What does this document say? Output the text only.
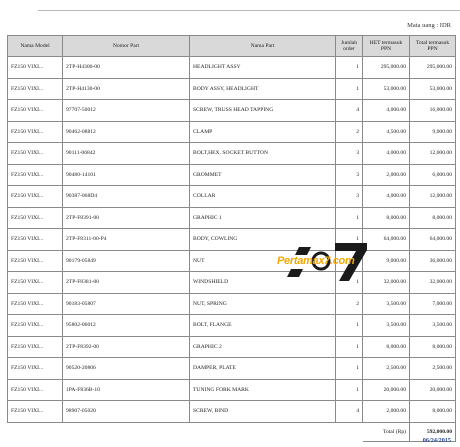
Mata uang : IDR
Nama Model	Nomor Part	Nama Part	Jumlah order	HET termasuk PPN	Total termasuk PPN
FZ150 VIXI...	2TP-H4300-00	HEADLIGHT ASSY	1	295,000.00	295,000.00
FZ150 VIXI...	2TP-H4130-00	BODY ASSY, HEADLIGHT	1	53,000.00	53,000.00
FZ150 VIXI...	97707-50012	SCREW, TRUSS HEAD TAPPING	4	4,000.00	16,000.00
FZ150 VIXI...	90462-08812	CLAMP	2	4,500.00	9,000.00
FZ150 VIXI...	90111-06842	BOLT,HEX. SOCKET BUTTON	3	4,000.00	12,000.00
FZ150 VIXI...	90480-14101	GROMMET	3	2,000.00	6,000.00
FZ150 VIXI...	90387-068D4	COLLAR	3	4,000.00	12,000.00
FZ150 VIXI...	2TP-F8391-00	GRAPHIC 1	1	8,000.00	8,000.00
FZ150 VIXI...	2TP-F8311-00-P4	BODY, COWLING	1	64,000.00	64,000.00
FZ150 VIXI...	90179-05849	NUT		9,000.00	36,000.00
FZ150 VIXI...	2TP-F8381-00	WINDSHIELD	1	32,000.00	32,000.00
FZ150 VIXI...	90183-05807	NUT, SPRING	2	3,500.00	7,000.00
FZ150 VIXI...	95802-06012	BOLT, FLANGE	1	3,500.00	3,500.00
FZ150 VIXI...	2TP-F8392-00	GRAPHIC 2	1	8,000.00	8,000.00
FZ150 VIXI...	90520-20806	DAMPER, PLATE	1	2,500.00	2,500.00
FZ150 VIXI...	1PA-F836B-10	TUNING FORK MARK	1	20,000.00	20,000.00
FZ150 VIXI...	98907-05020	SCREW, BIND	4	2,000.00	8,000.00
				Total (Rp)	592,000.00
Pertamax7.com
06/24/2015
